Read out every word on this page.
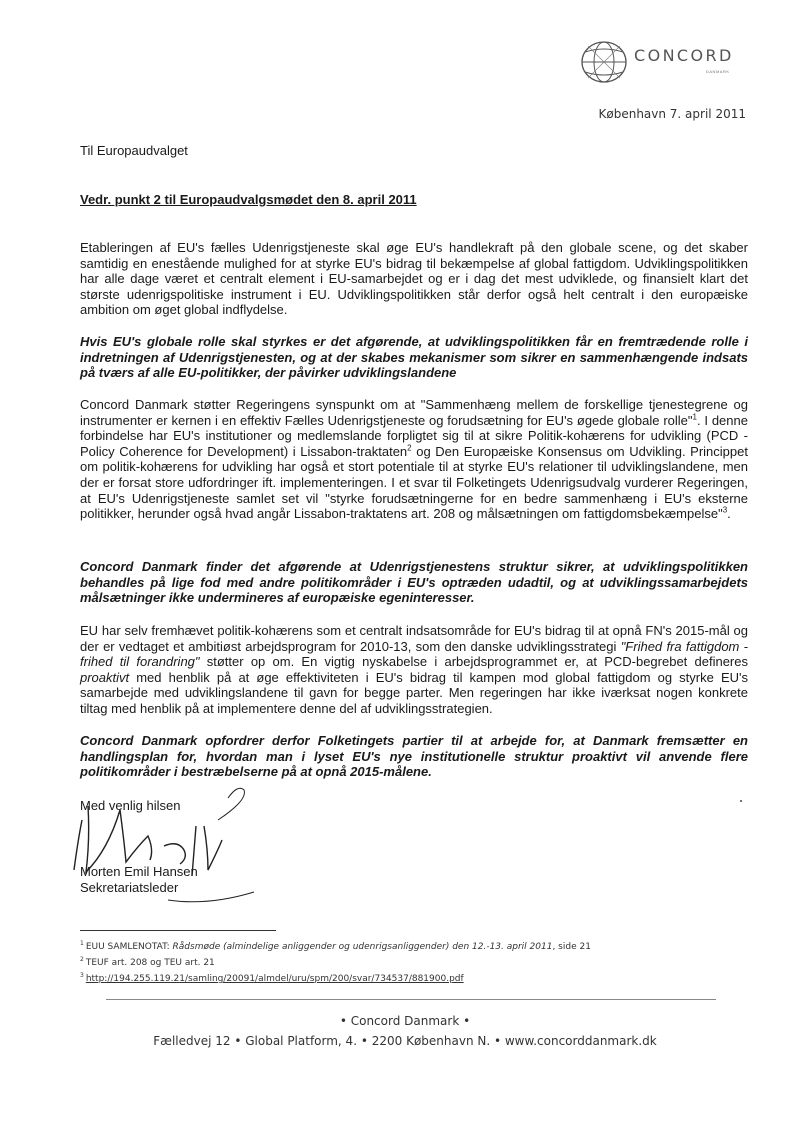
CONCORD
DANMARK
København 7. april 2011
Til Europaudvalget
Vedr. punkt 2 til Europaudvalgsmødet den 8. april 2011
Etableringen af EU's fælles Udenrigstjeneste skal øge EU's handlekraft på den globale scene, og det skaber samtidig en enestående mulighed for at styrke EU's bidrag til bekæmpelse af global fattigdom. Udviklingspolitikken har alle dage været et centralt element i EU-samarbejdet og er i dag det mest udviklede, og finansielt klart det største udenrigspolitiske instrument i EU. Udviklingspolitikken står derfor også helt centralt i den europæiske ambition om øget global indflydelse.
Hvis EU's globale rolle skal styrkes er det afgørende, at udviklingspolitikken får en fremtrædende rolle i indretningen af Udenrigstjenesten, og at der skabes mekanismer som sikrer en sammenhængende indsats på tværs af alle EU-politikker, der påvirker udviklingslandene
Concord Danmark støtter Regeringens synspunkt om at "Sammenhæng mellem de forskellige tjenestegrene og instrumenter er kernen i en effektiv Fælles Udenrigstjeneste og forudsætning for EU's øgede globale rolle"$^1$. I denne forbindelse har EU's institutioner og medlemslande forpligtet sig til at sikre Politik-kohærens for udvikling (PCD - Policy Coherence for Development) i Lissabon-traktaten$^2$ og Den Europæiske Konsensus om Udvikling. Princippet om politik-kohærens for udvikling har også et stort potentiale til at styrke EU's relationer til udviklingslandene, men der er forsat store udfordringer ift. implementeringen. I et svar til Folketingets Udenrigsudvalg vurderer Regeringen, at EU's Udenrigstjeneste samlet set vil "styrke forudsætningerne for en bedre sammenhæng i EU's eksterne politikker, herunder også hvad angår Lissabon-traktatens art. 208 og målsætningen om fattigdomsbekæmpelse"$^3$.
Concord Danmark finder det afgørende at Udenrigstjenestens struktur sikrer, at udviklingspolitikken behandles på lige fod med andre politikområder i EU's optræden udadtil, og at udviklingssamarbejdets målsætninger ikke undermineres af europæiske egeninteresser.
EU har selv fremhævet politik-kohærens som et centralt indsatsområde for EU's bidrag til at opnå FN's 2015-mål og der er vedtaget et ambitiøst arbejdsprogram for 2010-13, som den danske udviklingsstrategi "Frihed fra fattigdom - frihed til forandring" støtter op om. En vigtig nyskabelse i arbejdsprogrammet er, at PCD-begrebet defineres proaktivt med henblik på at øge effektiviteten i EU's bidrag til kampen mod global fattigdom og styrke EU's samarbejde med udviklingslandene til gavn for begge parter. Men regeringen har ikke iværksat nogen konkrete tiltag med henblik på at implementere denne del af udviklingsstrategien.
Concord Danmark opfordrer derfor Folketingets partier til at arbejde for, at Danmark fremsætter en handlingsplan for, hvordan man i lyset EU's nye institutionelle struktur proaktivt vil anvende flere politikområder i bestræbelserne på at opnå 2015-målene.
Med venlig hilsen
Morten Emil Hansen
Sekretariatsleder
$^1$ EUU SAMLENOTAT: Rådsmøde (almindelige anliggender og udenrigsanliggender) den 12.-13. april 2011, side 21
$^2$ TEUF art. 208 og TEU art. 21
$^3$ http://194.255.119.21/samling/20091/almdel/uru/spm/200/svar/734537/881900.pdf
• Concord Danmark •
Fælledvej 12 • Global Platform, 4. • 2200 København N. • www.concorddanmark.dk
